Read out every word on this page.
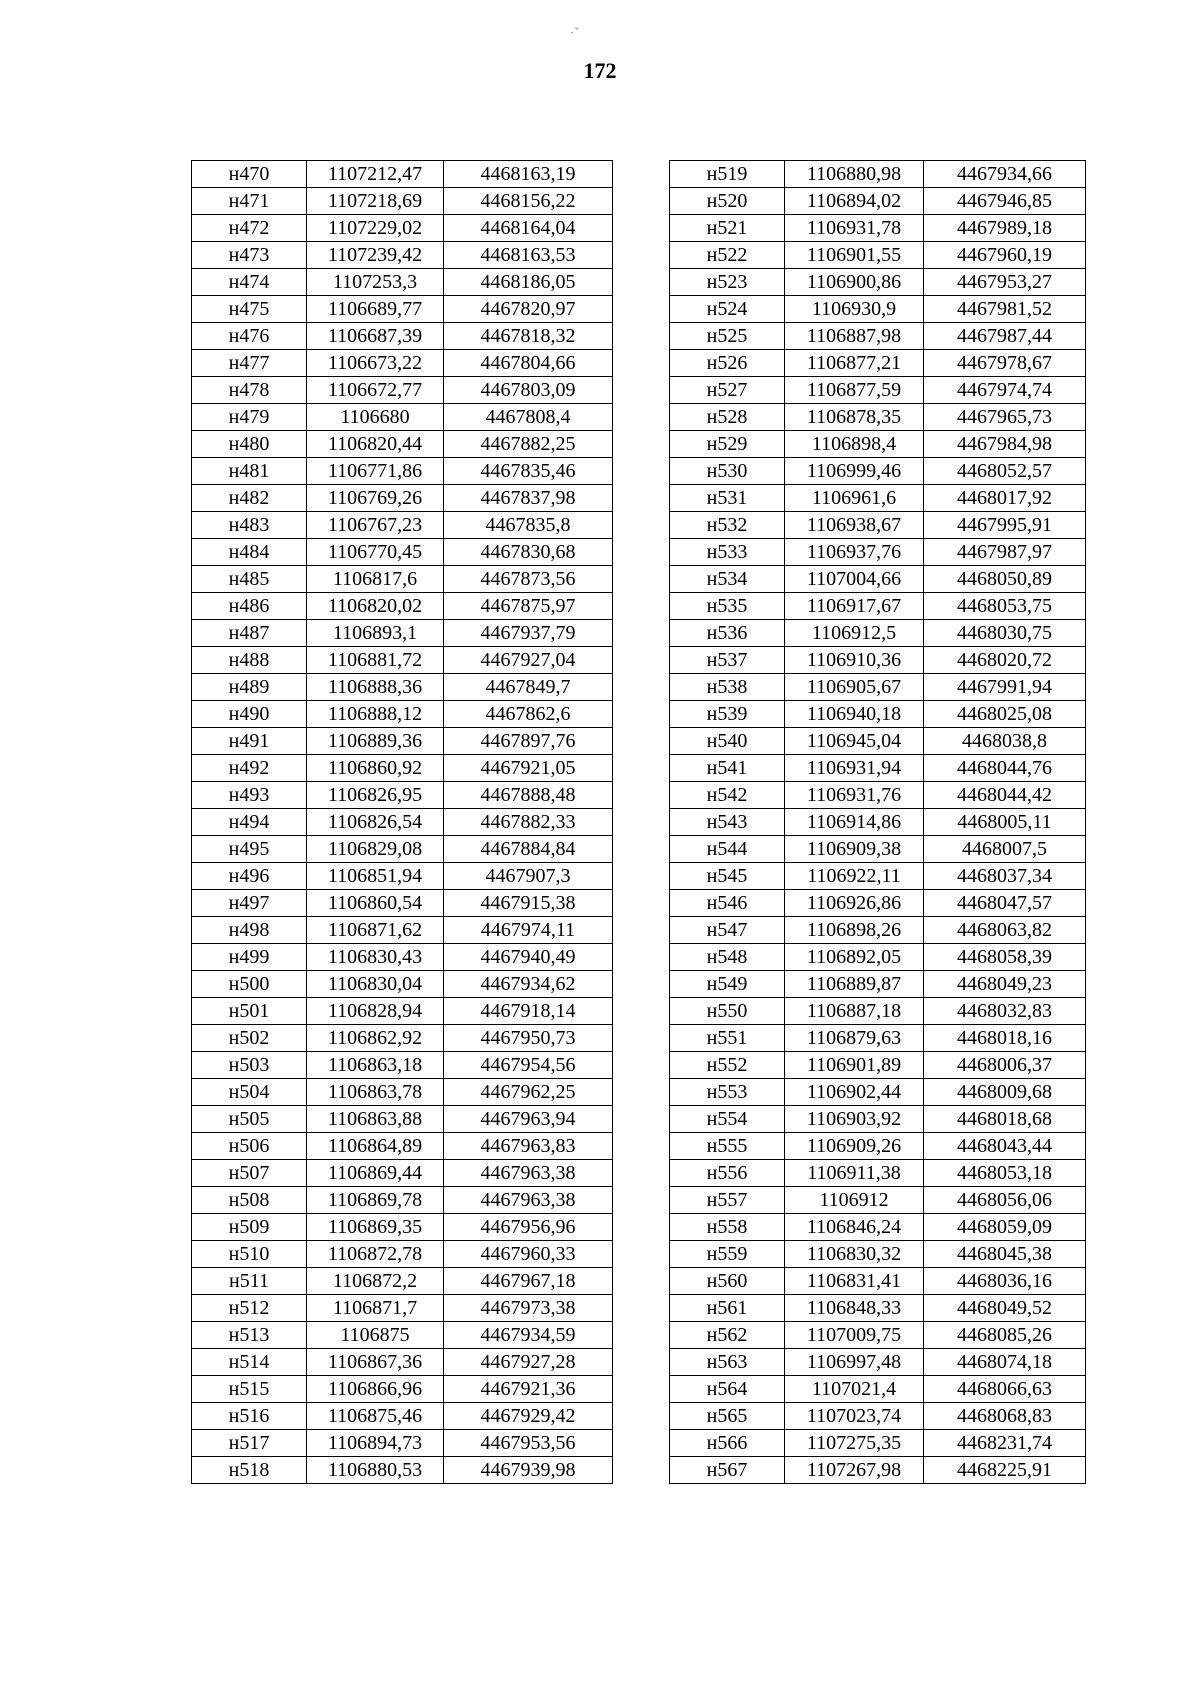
·ˇ
172
н470	1107212,47	4468163,19
н471	1107218,69	4468156,22
н472	1107229,02	4468164,04
н473	1107239,42	4468163,53
н474	1107253,3	4468186,05
н475	1106689,77	4467820,97
н476	1106687,39	4467818,32
н477	1106673,22	4467804,66
н478	1106672,77	4467803,09
н479	1106680	4467808,4
н480	1106820,44	4467882,25
н481	1106771,86	4467835,46
н482	1106769,26	4467837,98
н483	1106767,23	4467835,8
н484	1106770,45	4467830,68
н485	1106817,6	4467873,56
н486	1106820,02	4467875,97
н487	1106893,1	4467937,79
н488	1106881,72	4467927,04
н489	1106888,36	4467849,7
н490	1106888,12	4467862,6
н491	1106889,36	4467897,76
н492	1106860,92	4467921,05
н493	1106826,95	4467888,48
н494	1106826,54	4467882,33
н495	1106829,08	4467884,84
н496	1106851,94	4467907,3
н497	1106860,54	4467915,38
н498	1106871,62	4467974,11
н499	1106830,43	4467940,49
н500	1106830,04	4467934,62
н501	1106828,94	4467918,14
н502	1106862,92	4467950,73
н503	1106863,18	4467954,56
н504	1106863,78	4467962,25
н505	1106863,88	4467963,94
н506	1106864,89	4467963,83
н507	1106869,44	4467963,38
н508	1106869,78	4467963,38
н509	1106869,35	4467956,96
н510	1106872,78	4467960,33
н511	1106872,2	4467967,18
н512	1106871,7	4467973,38
н513	1106875	4467934,59
н514	1106867,36	4467927,28
н515	1106866,96	4467921,36
н516	1106875,46	4467929,42
н517	1106894,73	4467953,56
н518	1106880,53	4467939,98
н519	1106880,98	4467934,66
н520	1106894,02	4467946,85
н521	1106931,78	4467989,18
н522	1106901,55	4467960,19
н523	1106900,86	4467953,27
н524	1106930,9	4467981,52
н525	1106887,98	4467987,44
н526	1106877,21	4467978,67
н527	1106877,59	4467974,74
н528	1106878,35	4467965,73
н529	1106898,4	4467984,98
н530	1106999,46	4468052,57
н531	1106961,6	4468017,92
н532	1106938,67	4467995,91
н533	1106937,76	4467987,97
н534	1107004,66	4468050,89
н535	1106917,67	4468053,75
н536	1106912,5	4468030,75
н537	1106910,36	4468020,72
н538	1106905,67	4467991,94
н539	1106940,18	4468025,08
н540	1106945,04	4468038,8
н541	1106931,94	4468044,76
н542	1106931,76	4468044,42
н543	1106914,86	4468005,11
н544	1106909,38	4468007,5
н545	1106922,11	4468037,34
н546	1106926,86	4468047,57
н547	1106898,26	4468063,82
н548	1106892,05	4468058,39
н549	1106889,87	4468049,23
н550	1106887,18	4468032,83
н551	1106879,63	4468018,16
н552	1106901,89	4468006,37
н553	1106902,44	4468009,68
н554	1106903,92	4468018,68
н555	1106909,26	4468043,44
н556	1106911,38	4468053,18
н557	1106912	4468056,06
н558	1106846,24	4468059,09
н559	1106830,32	4468045,38
н560	1106831,41	4468036,16
н561	1106848,33	4468049,52
н562	1107009,75	4468085,26
н563	1106997,48	4468074,18
н564	1107021,4	4468066,63
н565	1107023,74	4468068,83
н566	1107275,35	4468231,74
н567	1107267,98	4468225,91
